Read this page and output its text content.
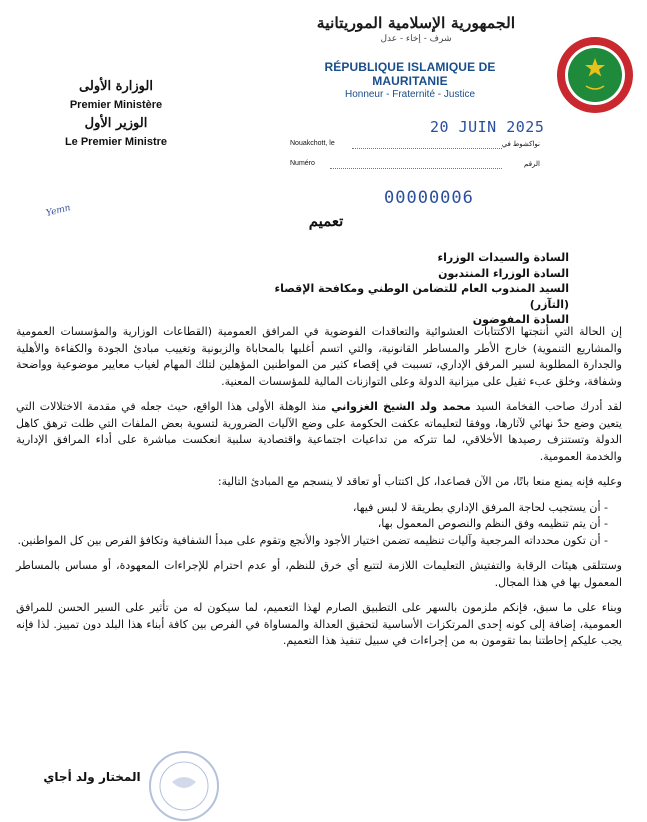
الجمهورية الإسلامية الموريتانية
شرف - إخاء - عدل
RÉPUBLIQUE ISLAMIQUE DE MAURITANIE
Honneur - Fraternité - Justice
الوزارة الأولى
Premier Ministère
الوزير الأول
Le Premier Ministre
20 JUIN 2025
Nouakchott, le	نواكشوط في
Numéro	الرقم
00000006
Yemn
تعميم
السادة والسيدات الوزراء
السادة الوزراء المنتدبون
السيد المندوب العام للتضامن الوطني ومكافحة الإقصاء (التآزر)
السادة المفوضون

إن الحالة التي أنتجتها الاكتتابات العشوائية والتعاقدات الفوضوية في المرافق العمومية (القطاعات الوزارية والمؤسسات العمومية والمشاريع التنموية) خارج الأطر والمساطر القانونية، والتي اتسم أغلبها بالمحاباة والزبونية وتغييب مبادئ الجودة والكفاءة والأهلية والجدارة المطلوبة لسير المرفق الإداري، تسببت في إقصاء كثير من المواطنين المؤهلين لتلك المهام لغياب معايير موضوعية وواضحة وشفافة، وخلق عبء ثقيل على ميزانية الدولة وعلى التوازنات المالية للمؤسسات المعنية.

لقد أدرك صاحب الفخامة السيد محمد ولد الشيخ الغزواني منذ الوهلة الأولى هذا الواقع، حيث جعله في مقدمة الاختلالات التي يتعين وضع حدّ نهائي لآثارها، ووفقا لتعليماته عكفت الحكومة على وضع الآليات الضرورية لتسوية بعض الملفات التي ظلت ترهق كاهل الدولة وتستنزف رصيدها الأخلاقي، لما تتركه من تداعيات اجتماعية واقتصادية سلبية انعكست مباشرة على أداء المرافق الإدارية والخدمة العمومية.

وعليه فإنه يمنع منعا باتًا، من الآن فصاعدا، كل اكتتاب أو تعاقد لا ينسجم مع المبادئ التالية:

- أن يستجيب لحاجة المرفق الإداري بطريقة لا لبس فيها،
- أن يتم تنظيمه وفق النظم والنصوص المعمول بها،
- أن تكون محدداته المرجعية وآليات تنظيمه تضمن اختيار الأجود والأنجع وتقوم على مبدأ الشفافية وتكافؤ الفرص بين كل المواطنين.

وستتلقى هيئات الرقابة والتفتيش التعليمات اللازمة لتتبع أي خرق للنظم، أو عدم احترام للإجراءات المعهودة، أو مساس بالمساطر المعمول بها في هذا المجال.

وبناء على ما سبق، فإنكم ملزمون بالسهر على التطبيق الصارم لهذا التعميم، لما سيكون له من تأثير على السير الحسن للمرافق العمومية، إضافة إلى كونه إحدى المرتكزات الأساسية لتحقيق العدالة والمساواة في الفرص بين كافة أبناء هذا البلد دون تمييز. لذا فإنه يجب عليكم إحاطتنا بما تقومون به من إجراءات في سبيل تنفيذ هذا التعميم.

المختار ولد أجاي
